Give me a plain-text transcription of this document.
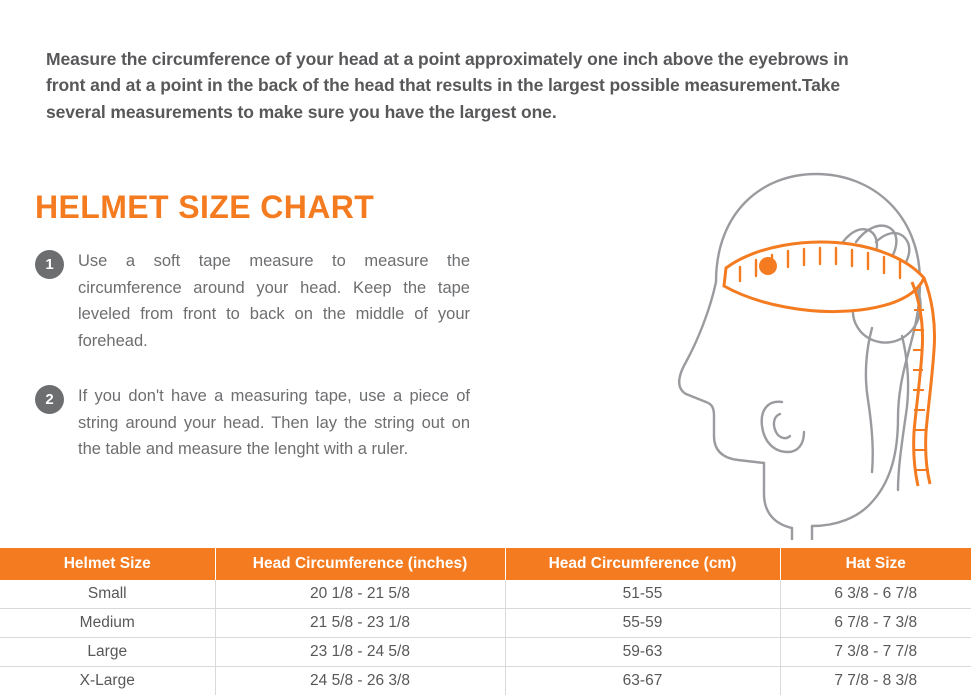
Measure the circumference of your head at a point approximately one inch above the eyebrows in front and at a point in the back of the head that results in the largest possible measurement.Take several measurements to make sure you have the largest one.

HELMET SIZE CHART
1	Use a soft tape measure to measure the circumference around your head. Keep the tape leveled from front to back on the middle of your forehead.
2	If you don't have a measuring tape, use a piece of string around your head. Then lay the string out on the table and measure the lenght with a ruler.
Helmet Size	Head Circumference (inches)	Head Circumference (cm)	Hat Size
Small	20 1/8 - 21 5/8	51-55	6 3/8 - 6 7/8
Medium	21 5/8 - 23 1/8	55-59	6 7/8 - 7 3/8
Large	23 1/8 - 24 5/8	59-63	7 3/8 - 7 7/8
X-Large	24 5/8 - 26 3/8	63-67	7 7/8 - 8 3/8
